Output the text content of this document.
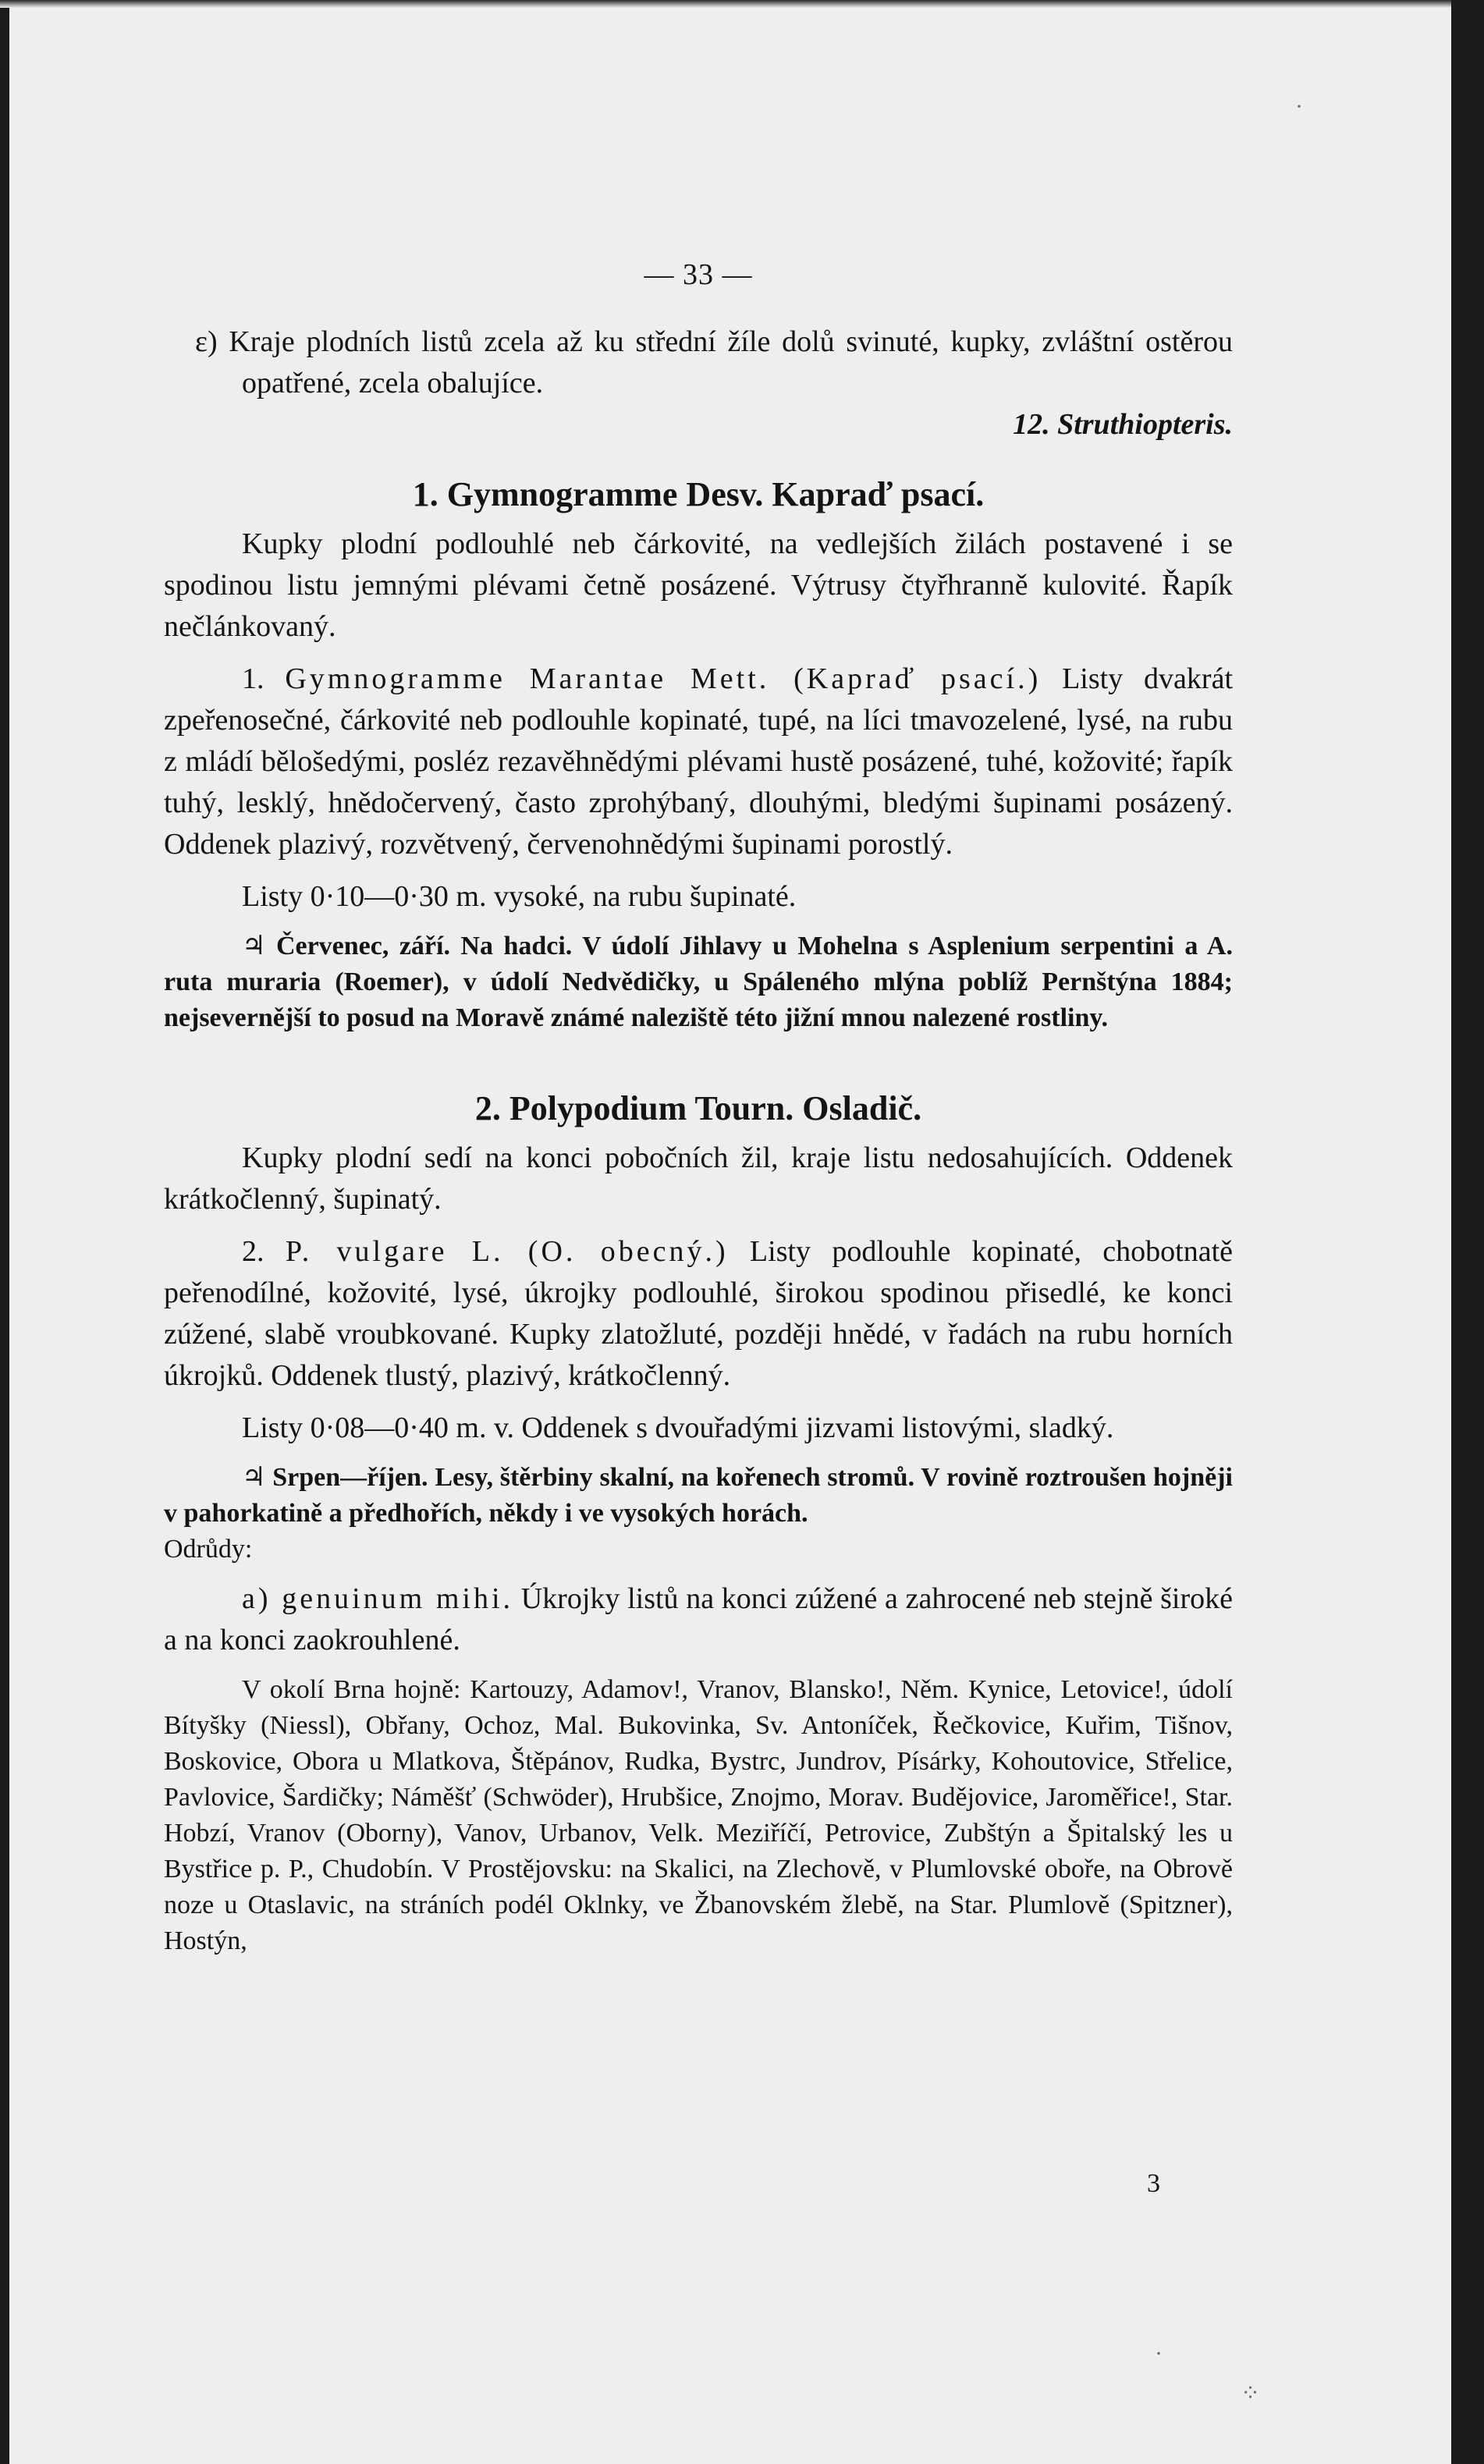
— 33 —

ε) Kraje plodních listů zcela až ku střední žíle dolů svinuté, kupky, zvláštní ostěrou opatřené, zcela obalujíce.

12. Struthiopteris.

1. Gymnogramme Desv. Kapraď psací.

Kupky plodní podlouhlé neb čárkovité, na vedlejších žilách postavené i se spodinou listu jemnými plévami četně posázené. Výtrusy čtyřhranně kulovité. Řapík nečlánkovaný.

1. Gymnogramme Marantae Mett. (Kapraď psací.) Listy dvakrát zpeřenosečné, čárkovité neb podlouhle kopinaté, tupé, na líci tmavozelené, lysé, na rubu z mládí bělošedými, posléz rezavěhnědými plévami hustě posázené, tuhé, kožovité; řapík tuhý, lesklý, hnědočervený, často zprohýbaný, dlouhými, bledými šupinami posázený. Oddenek plazivý, rozvětvený, červenohnědými šupinami porostlý.

Listy 0·10—0·30 m. vysoké, na rubu šupinaté.

♃ Červenec, září. Na hadci. V údolí Jihlavy u Mohelna s Asplenium serpentini a A. ruta muraria (Roemer), v údolí Nedvědičky, u Spáleného mlýna poblíž Pernštýna 1884; nejsevernější to posud na Moravě známé naleziště této jižní mnou nalezené rostliny.

2. Polypodium Tourn. Osladič.

Kupky plodní sedí na konci pobočních žil, kraje listu nedosahujících. Oddenek krátkočlenný, šupinatý.

2. P. vulgare L. (O. obecný.) Listy podlouhle kopinaté, chobotnatě peřenodílné, kožovité, lysé, úkrojky podlouhlé, širokou spodinou přisedlé, ke konci zúžené, slabě vroubkované. Kupky zlatožluté, později hnědé, v řadách na rubu horních úkrojků. Oddenek tlustý, plazivý, krátkočlenný.

Listy 0·08—0·40 m. v. Oddenek s dvouřadými jizvami listovými, sladký.

♃ Srpen—říjen. Lesy, štěrbiny skalní, na kořenech stromů. V rovině roztroušen hojněji v pahorkatině a předhořích, někdy i ve vysokých horách.

Odrůdy:

a) genuinum mihi. Úkrojky listů na konci zúžené a zahrocené neb stejně široké a na konci zaokrouhlené.

V okolí Brna hojně: Kartouzy, Adamov!, Vranov, Blansko!, Něm. Kynice, Letovice!, údolí Bítyšky (Niessl), Obřany, Ochoz, Mal. Bukovinka, Sv. Antoníček, Řečkovice, Kuřim, Tišnov, Boskovice, Obora u Mlatkova, Štěpánov, Rudka, Bystrc, Jundrov, Písárky, Kohoutovice, Střelice, Pavlovice, Šardičky; Náměšť (Schwöder), Hrubšice, Znojmo, Morav. Budějovice, Jaroměřice!, Star. Hobzí, Vranov (Oborny), Vanov, Urbanov, Velk. Meziříčí, Petrovice, Zubštýn a Špitalský les u Bystřice p. P., Chudobín. V Prostějovsku: na Skalici, na Zlechově, v Plumlovské oboře, na Obrově noze u Otaslavic, na stráních podél Oklnky, ve Žbanovském žlebě, na Star. Plumlově (Spitzner), Hostýn,

3
⁘
·
·
